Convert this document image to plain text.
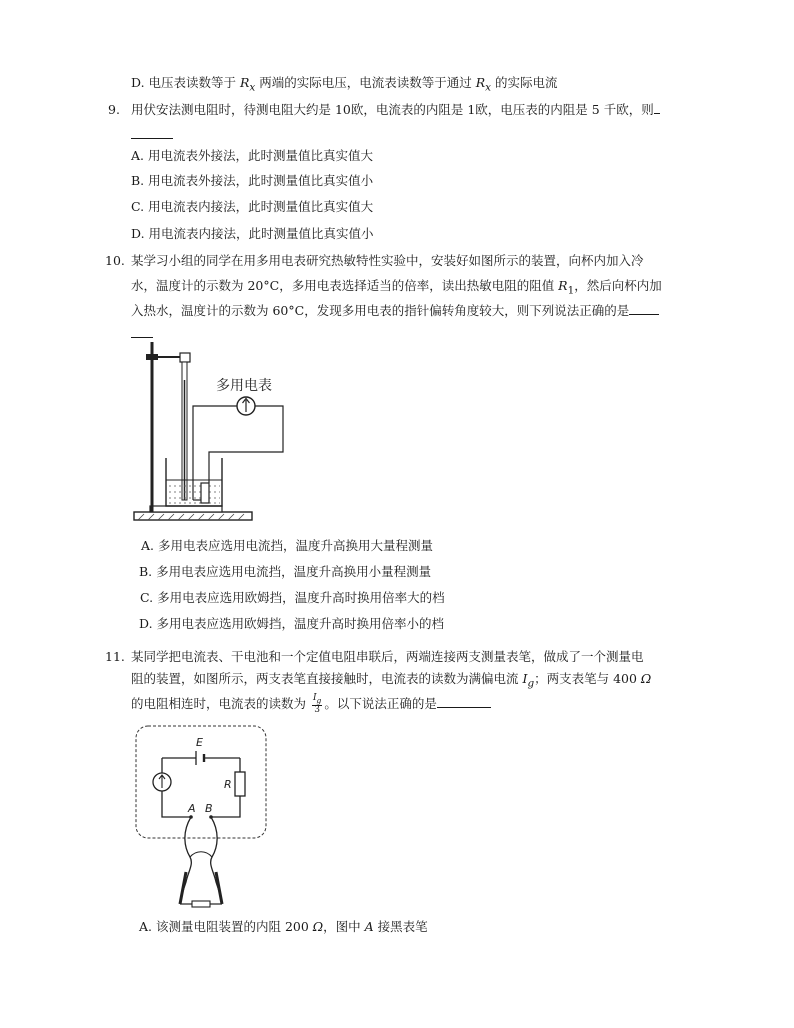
D. 电压表读数等于 $R_x$ 两端的实际电压，电流表读数等于通过 $R_x$ 的实际电流
9. 用伏安法测电阻时，待测电阻大约是 10欧，电流表的内阻是 1欧，电压表的内阻是 5 千欧，则
A. 用电流表外接法，此时测量值比真实值大
B. 用电流表外接法，此时测量值比真实值小
C. 用电流表内接法，此时测量值比真实值大
D. 用电流表内接法，此时测量值比真实值小
10. 某学习小组的同学在用多用电表研究热敏特性实验中，安装好如图所示的装置，向杯内加入冷
水，温度计的示数为 20°C，多用电表选择适当的倍率，读出热敏电阻的阻值 $R_1$，然后向杯内加
入热水，温度计的示数为 60°C，发现多用电表的指针偏转角度较大，则下列说法正确的是
多用电表
A. 多用电表应选用电流挡，温度升高换用大量程测量
B. 多用电表应选用电流挡，温度升高换用小量程测量
C. 多用电表应选用欧姆挡，温度升高时换用倍率大的档
D. 多用电表应选用欧姆挡，温度升高时换用倍率小的档
11. 某同学把电流表、干电池和一个定值电阻串联后，两端连接两支测量表笔，做成了一个测量电
阻的装置，如图所示，两支表笔直接接触时，电流表的读数为满偏电流 $I_g$；两支表笔与 400 Ω
的电阻相连时，电流表的读数为 $\frac{I_g}{3}$ 。以下说法正确的是
E
R
A B
A. 该测量电阻装置的内阻 200 Ω，图中 A 接黑表笔
